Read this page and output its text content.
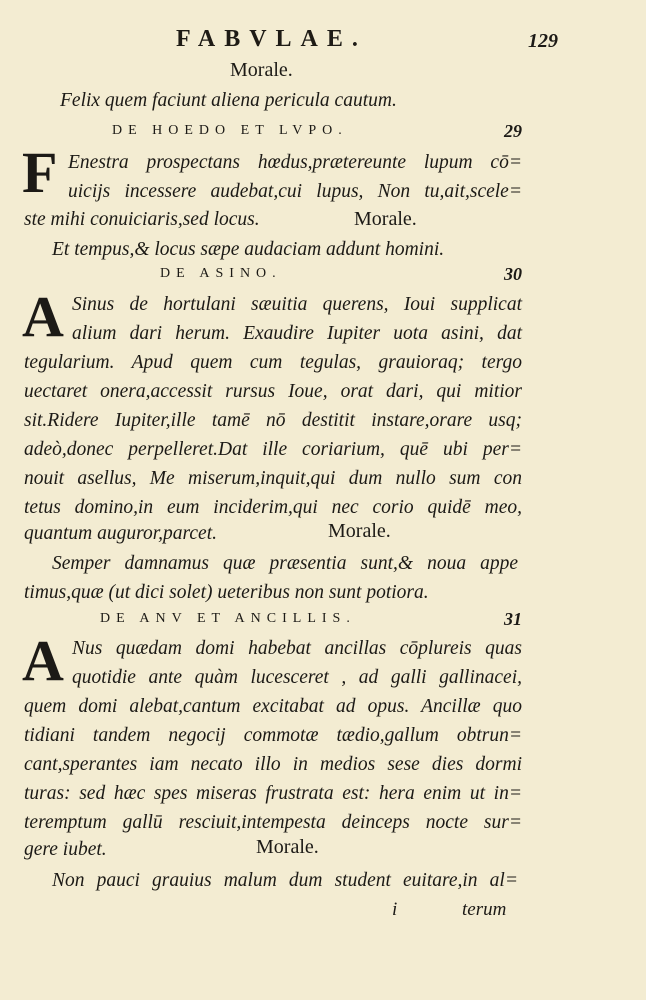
FABVLAE.	129
Morale.
Felix quem faciunt aliena pericula cautum.
DE HOEDO ET LVPO.	29
F Enestra prospectans hœdus,prætereunte lupum cō=
uicijs incessere audebat,cui lupus, Non tu,ait,scele=
ste mihi conuiciaris,sed locus.	Morale.
Et tempus,& locus sæpe audaciam addunt homini.
DE ASINO.	30
A Sinus de hortulani sæuitia querens, Ioui supplicat
alium dari herum. Exaudire Iupiter uota asini, dat
tegularium. Apud quem cum tegulas, grauioraq; tergo
uectaret onera,accessit rursus Ioue, orat dari, qui mitior
sit.Ridere Iupiter,ille tamē nō destitit instare,orare usq;
adeò,donec perpelleret.Dat ille coriarium, quē ubi per=
nouit asellus, Me miserum,inquit,qui dum nullo sum con
tetus domino,in eum inciderim,qui nec corio quidē meo,
quantum auguror,parcet.	Morale.
Semper damnamus quæ præsentia sunt,& noua appe
timus,quæ (ut dici solet) ueteribus non sunt potiora.
DE ANV ET ANCILLIS.	31
A Nus quædam domi habebat ancillas cōplureis quas
quotidie ante quàm lucesceret , ad galli gallinacei,
quem domi alebat,cantum excitabat ad opus. Ancillæ quo
tidiani tandem negocij commotæ tædio,gallum obtrun=
cant,sperantes iam necato illo in medios sese dies dormi
turas: sed hæc spes miseras frustrata est: hera enim ut in=
teremptum gallū resciuit,intempesta deinceps nocte sur=
gere iubet.	Morale.
Non pauci grauius malum dum student euitare,in al=
i	terum
